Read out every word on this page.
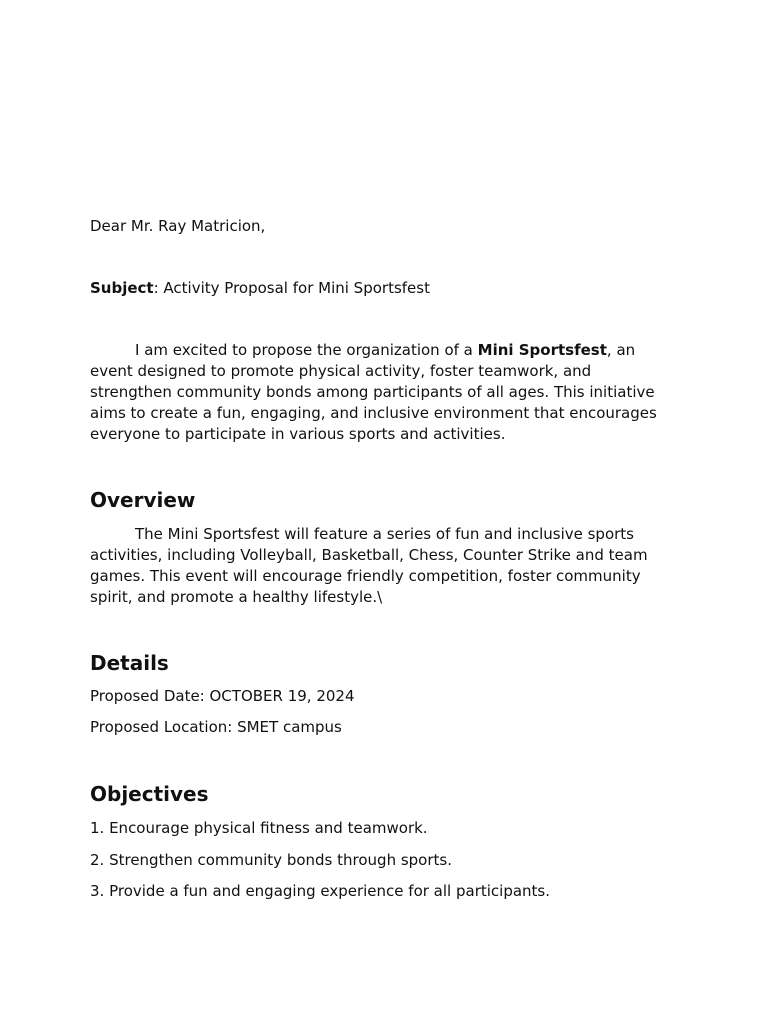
Dear Mr. Ray Matricion,

Subject: Activity Proposal for Mini Sportsfest

I am excited to propose the organization of a Mini Sportsfest, an event designed to promote physical activity, foster teamwork, and strengthen community bonds among participants of all ages. This initiative aims to create a fun, engaging, and inclusive environment that encourages everyone to participate in various sports and activities.

Overview

The Mini Sportsfest will feature a series of fun and inclusive sports activities, including Volleyball, Basketball, Chess, Counter Strike and team games. This event will encourage friendly competition, foster community spirit, and promote a healthy lifestyle.\

Details

Proposed Date: OCTOBER 19, 2024

Proposed Location: SMET campus

Objectives

1. Encourage physical fitness and teamwork.

2. Strengthen community bonds through sports.

3. Provide a fun and engaging experience for all participants.
